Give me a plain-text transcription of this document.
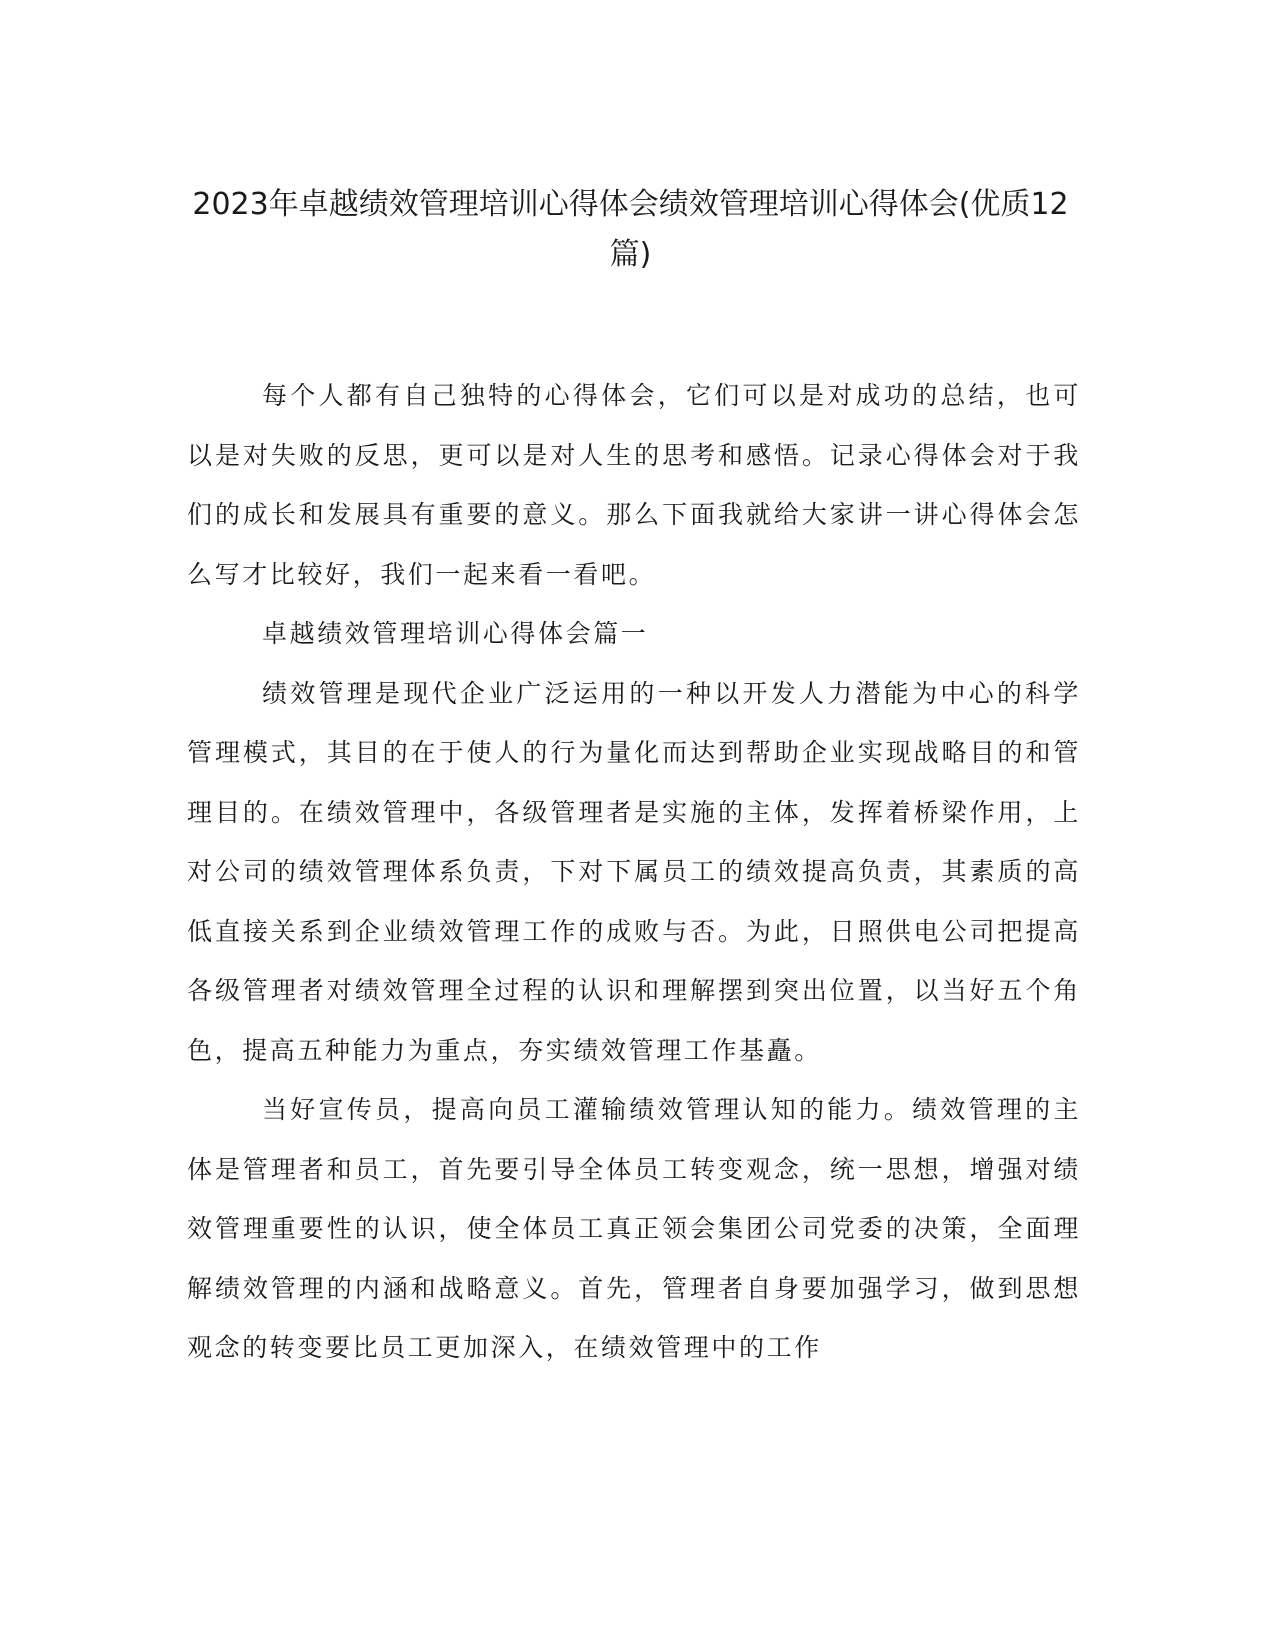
2023年卓越绩效管理培训心得体会绩效管理培训心得体会(优质12篇)

每个人都有自己独特的心得体会，它们可以是对成功的总结，也可以是对失败的反思，更可以是对人生的思考和感悟。记录心得体会对于我们的成长和发展具有重要的意义。那么下面我就给大家讲一讲心得体会怎么写才比较好，我们一起来看一看吧。

卓越绩效管理培训心得体会篇一

绩效管理是现代企业广泛运用的一种以开发人力潜能为中心的科学管理模式，其目的在于使人的行为量化而达到帮助企业实现战略目的和管理目的。在绩效管理中，各级管理者是实施的主体，发挥着桥梁作用，上对公司的绩效管理体系负责，下对下属员工的绩效提高负责，其素质的高低直接关系到企业绩效管理工作的成败与否。为此，日照供电公司把提高各级管理者对绩效管理全过程的认识和理解摆到突出位置，以当好五个角色，提高五种能力为重点，夯实绩效管理工作基矗。

当好宣传员，提高向员工灌输绩效管理认知的能力。绩效管理的主体是管理者和员工，首先要引导全体员工转变观念，统一思想，增强对绩效管理重要性的认识，使全体员工真正领会集团公司党委的决策，全面理解绩效管理的内涵和战略意义。首先，管理者自身要加强学习，做到思想观念的转变要比员工更加深入，在绩效管理中的工作
